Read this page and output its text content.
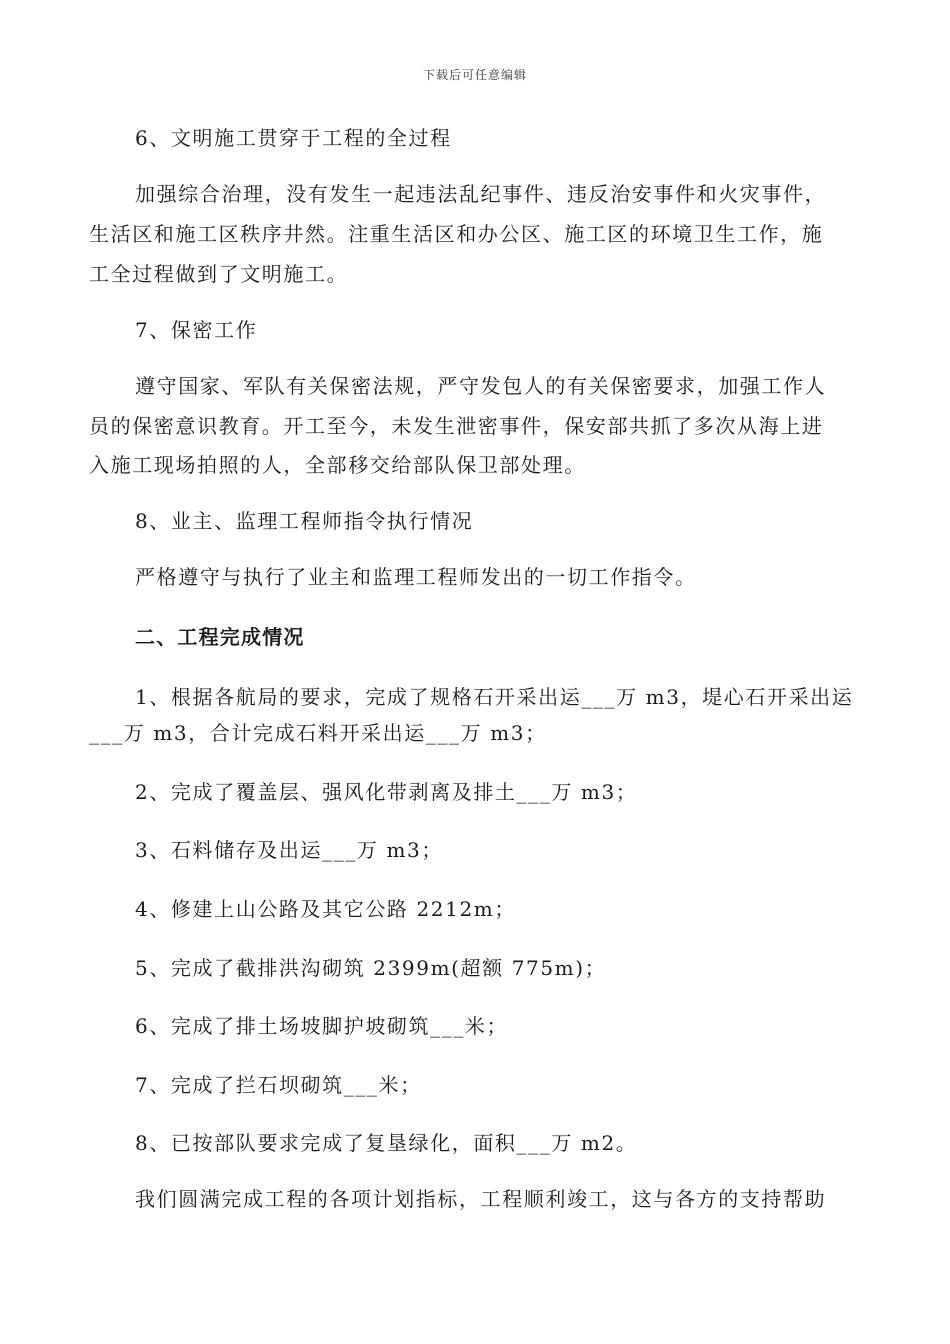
下载后可任意编辑
6、文明施工贯穿于工程的全过程
加强综合治理，没有发生一起违法乱纪事件、违反治安事件和火灾事件，
生活区和施工区秩序井然。注重生活区和办公区、施工区的环境卫生工作，施
工全过程做到了文明施工。
7、保密工作
遵守国家、军队有关保密法规，严守发包人的有关保密要求，加强工作人
员的保密意识教育。开工至今，未发生泄密事件，保安部共抓了多次从海上进
入施工现场拍照的人，全部移交给部队保卫部处理。
8、业主、监理工程师指令执行情况
严格遵守与执行了业主和监理工程师发出的一切工作指令。
二、工程完成情况
1、根据各航局的要求，完成了规格石开采出运___万 m3，堤心石开采出运
___万 m3，合计完成石料开采出运___万 m3；
2、完成了覆盖层、强风化带剥离及排土___万 m3；
3、石料储存及出运___万 m3；
4、修建上山公路及其它公路 2212m；
5、完成了截排洪沟砌筑 2399m(超额 775m)；
6、完成了排土场坡脚护坡砌筑___米；
7、完成了拦石坝砌筑___米；
8、已按部队要求完成了复垦绿化，面积___万 m2。
我们圆满完成工程的各项计划指标，工程顺利竣工，这与各方的支持帮助
